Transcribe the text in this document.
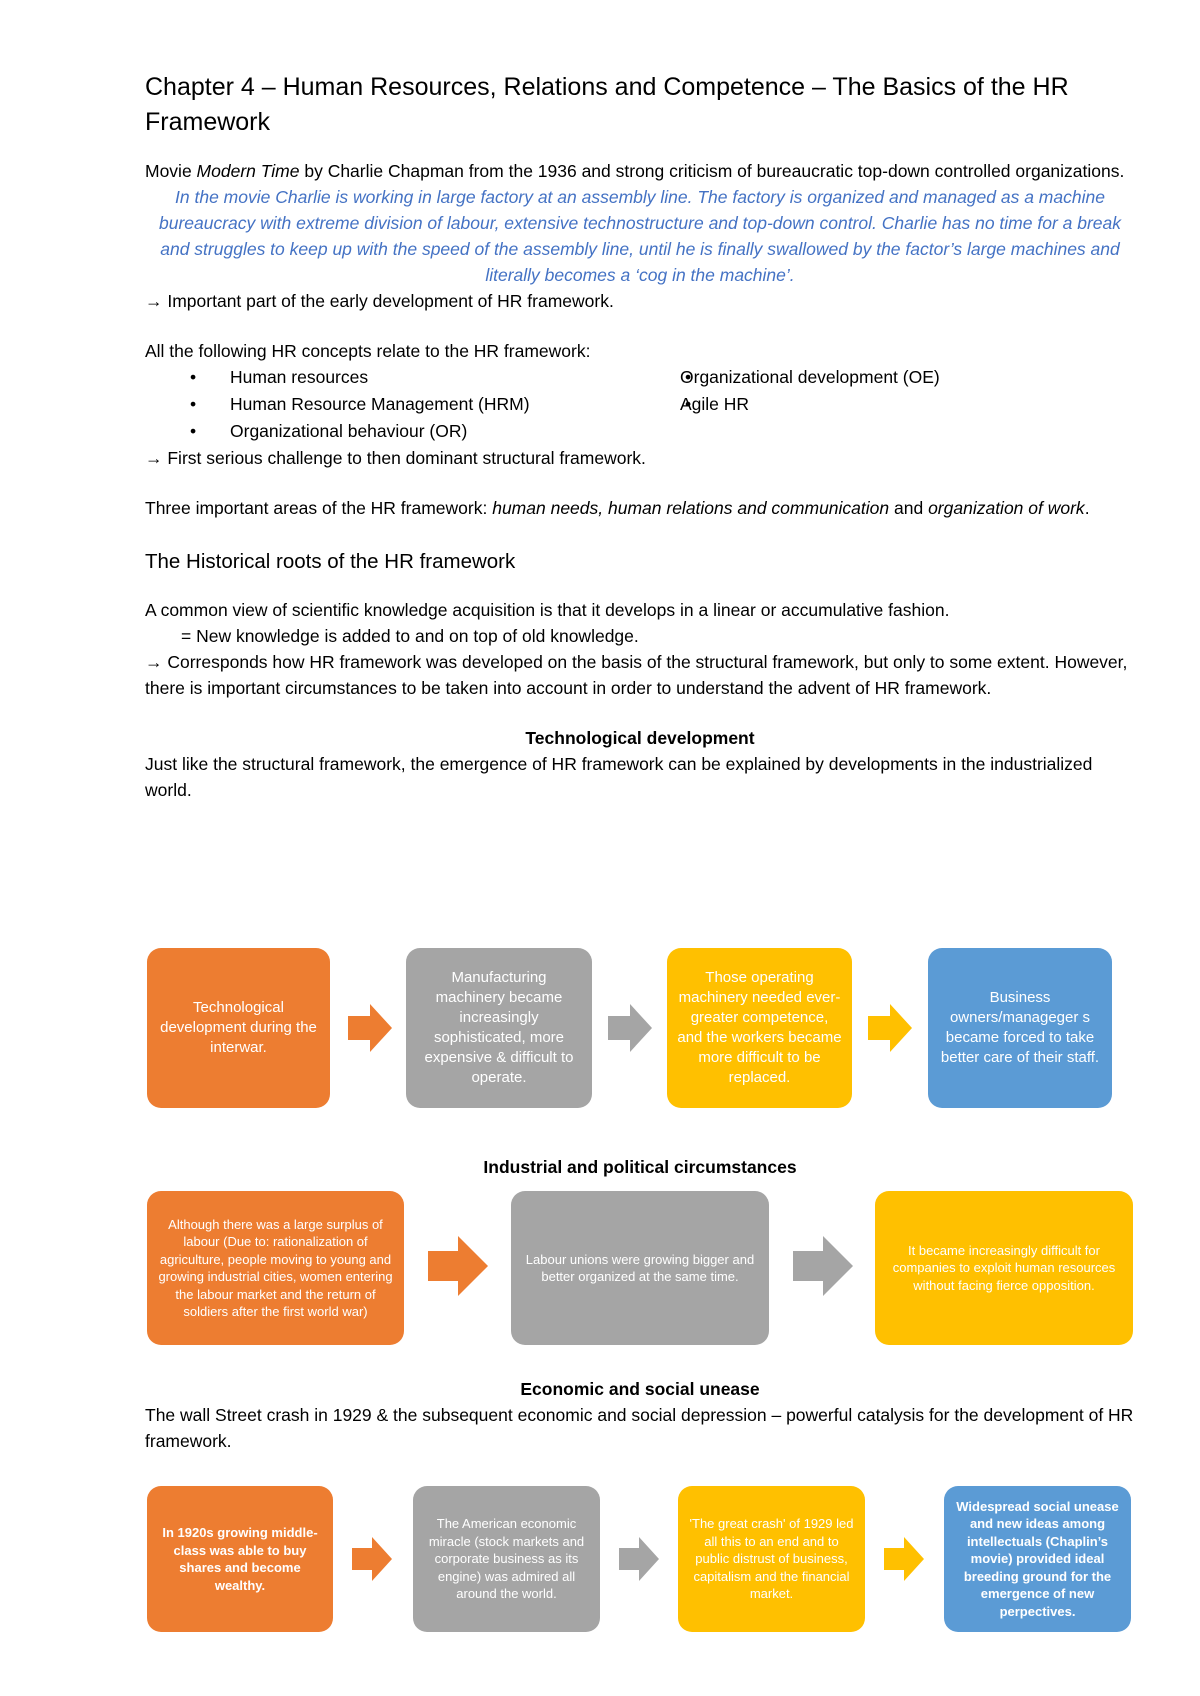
Chapter 4 – Human Resources, Relations and Competence – The Basics of the HR Framework

Movie Modern Time by Charlie Chapman from the 1936 and strong criticism of bureaucratic top-down controlled organizations.

In the movie Charlie is working in large factory at an assembly line. The factory is organized and managed as a machine bureaucracy with extreme division of labour, extensive technostructure and top-down control. Charlie has no time for a break and struggles to keep up with the speed of the assembly line, until he is finally swallowed by the factor’s large machines and literally becomes a ‘cog in the machine’.

→ Important part of the early development of HR framework.

All the following HR concepts relate to the HR framework:

• Human resources
• Human Resource Management (HRM)
• Organizational behaviour (OR)
• Organizational development (OE)
• Agile HR

→ First serious challenge to then dominant structural framework.

Three important areas of the HR framework: human needs, human relations and communication and organization of work.

The Historical roots of the HR framework

A common view of scientific knowledge acquisition is that it develops in a linear or accumulative fashion.

= New knowledge is added to and on top of old knowledge.

→ Corresponds how HR framework was developed on the basis of the structural framework, but only to some extent. However, there is important circumstances to be taken into account in order to understand the advent of HR framework.

Technological development

Just like the structural framework, the emergence of HR framework can be explained by developments in the industrialized world.

Technological development during the interwar.
Manufacturing machinery became increasingly sophisticated, more expensive & difficult to operate.
Those operating machinery needed ever-greater competence, and the workers became more difficult to be replaced.
Business owners/manageger s became forced to take better care of their staff.
Industrial and political circumstances
Although there was a large surplus of labour (Due to: rationalization of agriculture, people moving to young and growing industrial cities, women entering the labour market and the return of soldiers after the first world war)
Labour unions were growing bigger and better organized at the same time.
It became increasingly difficult for companies to exploit human resources without facing fierce opposition.

Economic and social unease

The wall Street crash in 1929 & the subsequent economic and social depression – powerful catalysis for the development of HR framework.

In 1920s growing middle-class was able to buy shares and become wealthy.
The American economic miracle (stock markets and corporate business as its engine) was admired all around the world.
'The great crash' of 1929 led all this to an end and to public distrust of business, capitalism and the financial market.
Widespread social unease and new ideas among intellectuals (Chaplin’s movie) provided ideal breeding ground for the emergence of new perpectives.
